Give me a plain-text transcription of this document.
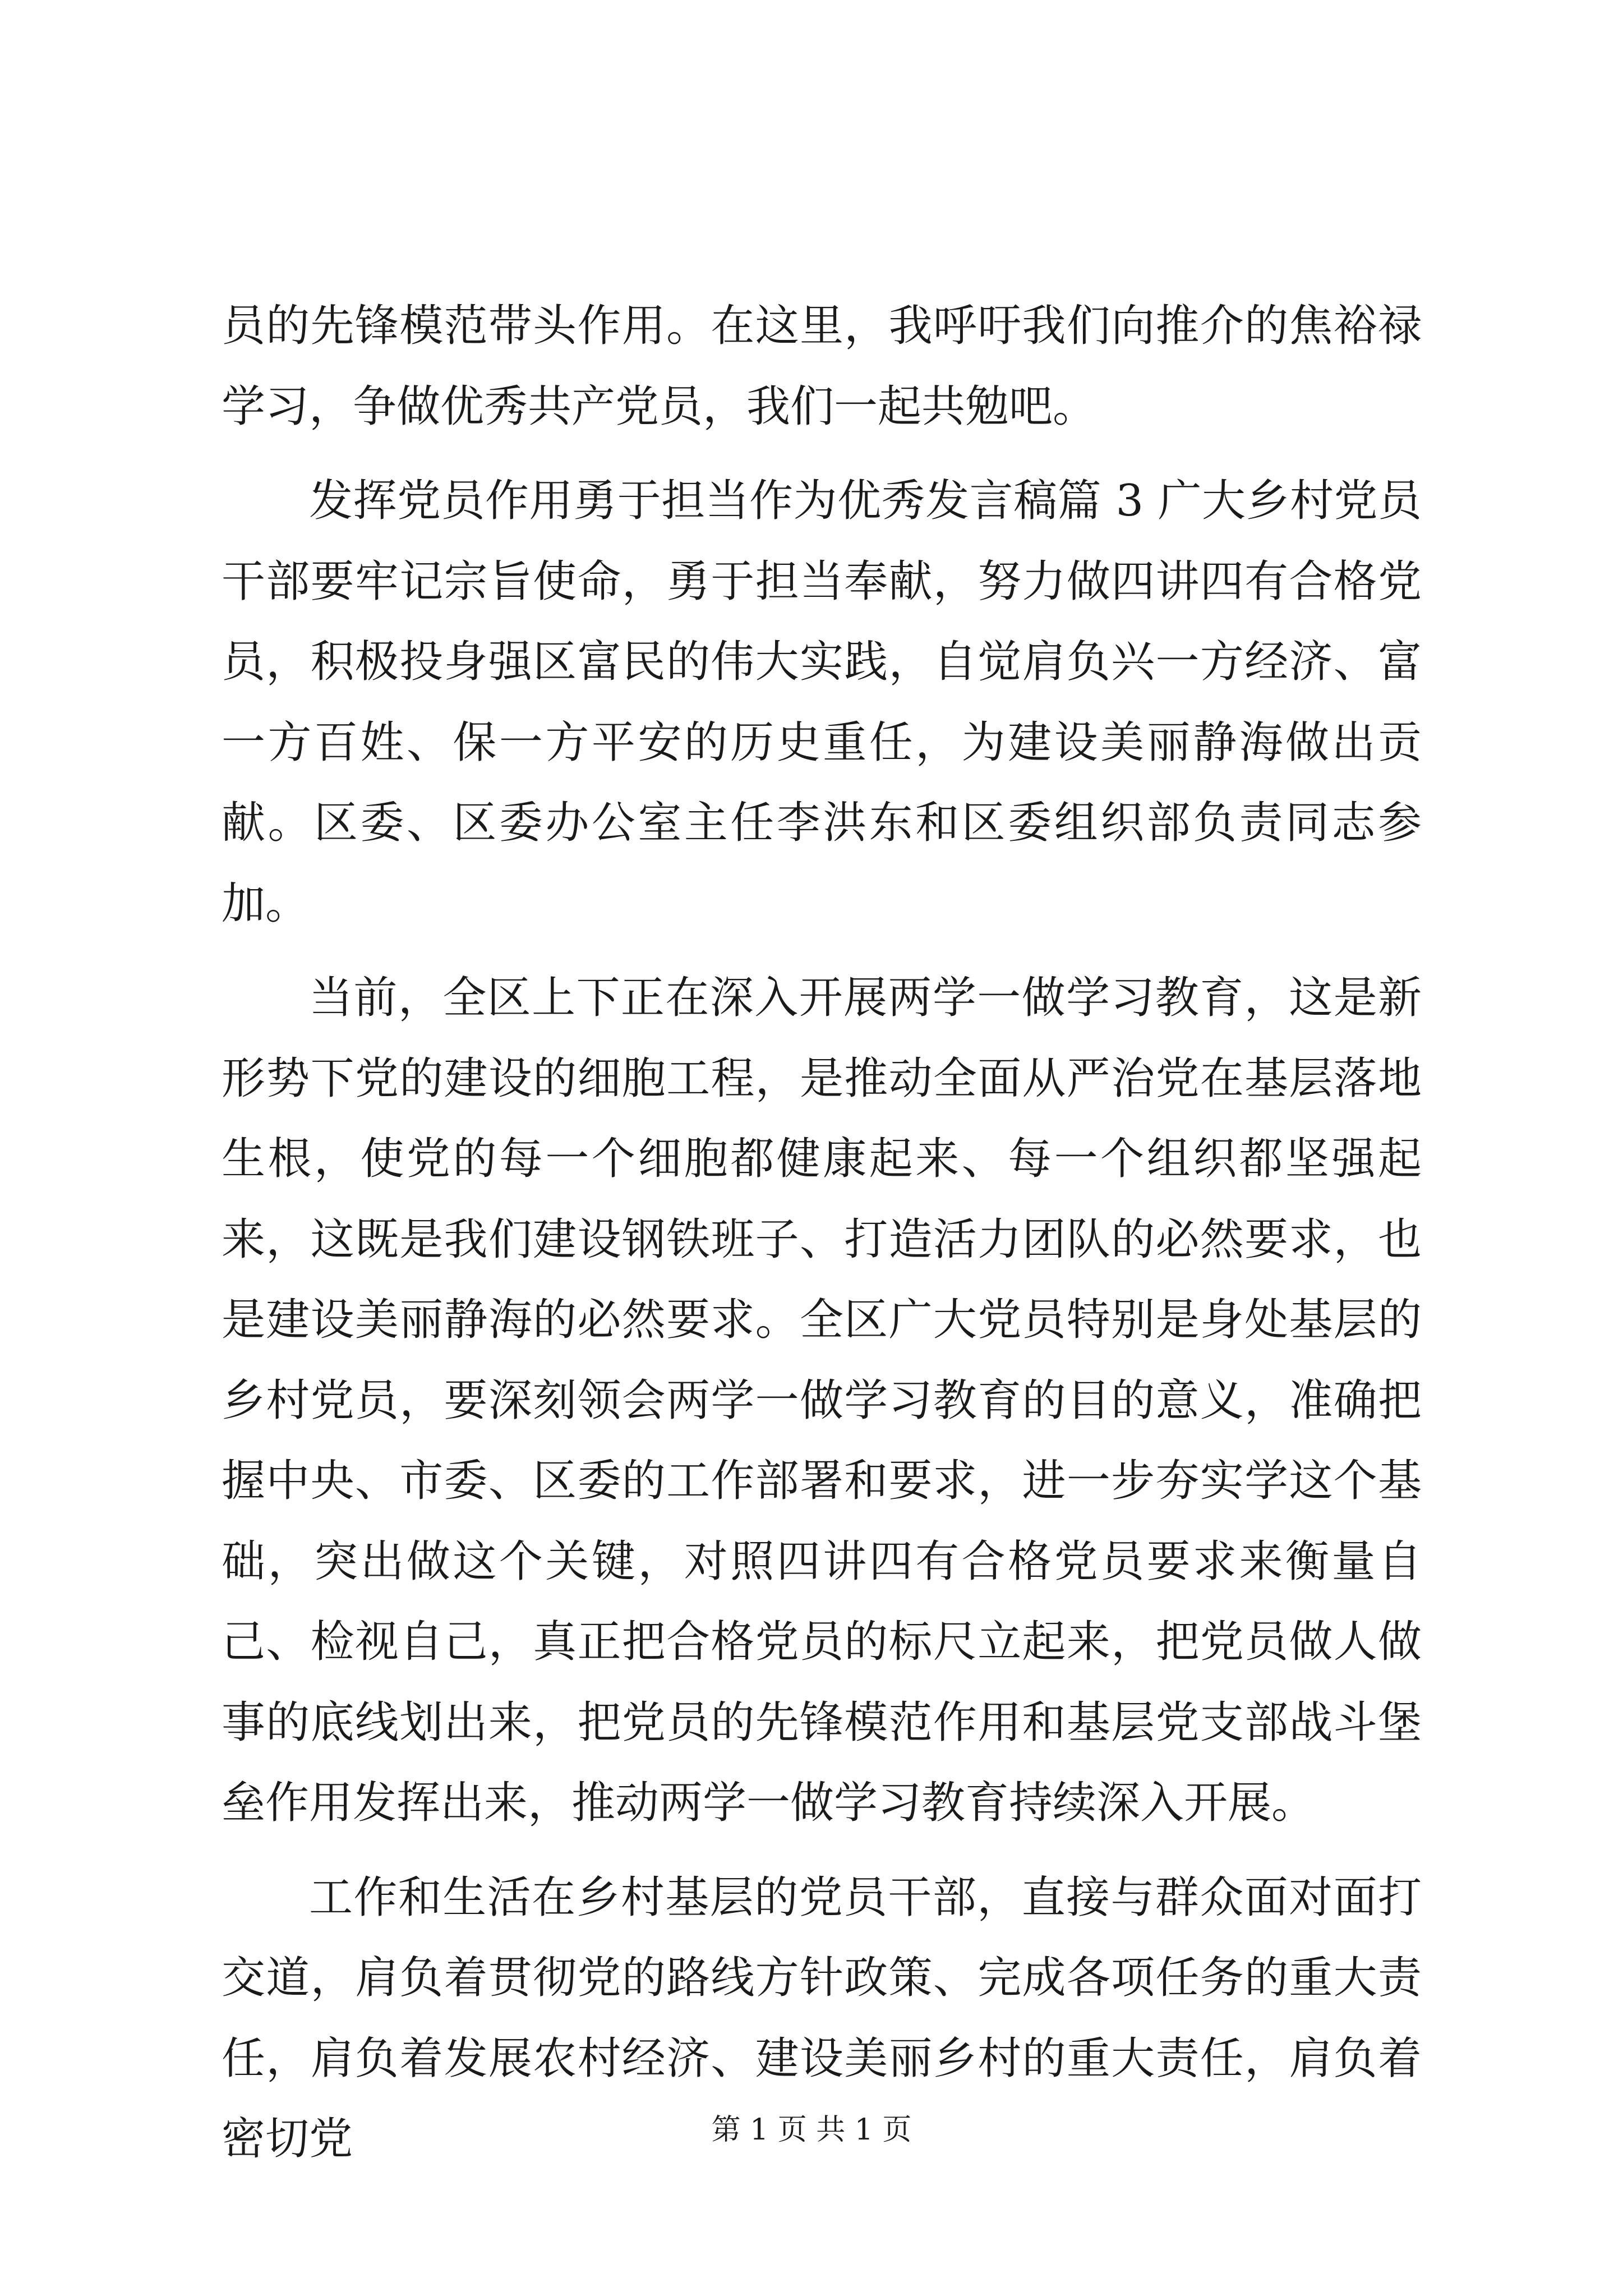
员的先锋模范带头作用。在这里，我呼吁我们向推介的焦裕禄学习，争做优秀共产党员，我们一起共勉吧。

发挥党员作用勇于担当作为优秀发言稿篇 3 广大乡村党员干部要牢记宗旨使命，勇于担当奉献，努力做四讲四有合格党员，积极投身强区富民的伟大实践，自觉肩负兴一方经济、富一方百姓、保一方平安的历史重任，为建设美丽静海做出贡献。区委、区委办公室主任李洪东和区委组织部负责同志参加。

当前，全区上下正在深入开展两学一做学习教育，这是新形势下党的建设的细胞工程，是推动全面从严治党在基层落地生根，使党的每一个细胞都健康起来、每一个组织都坚强起来，这既是我们建设钢铁班子、打造活力团队的必然要求，也是建设美丽静海的必然要求。全区广大党员特别是身处基层的乡村党员，要深刻领会两学一做学习教育的目的意义，准确把握中央、市委、区委的工作部署和要求，进一步夯实学这个基础，突出做这个关键，对照四讲四有合格党员要求来衡量自己、检视自己，真正把合格党员的标尺立起来，把党员做人做事的底线划出来，把党员的先锋模范作用和基层党支部战斗堡垒作用发挥出来，推动两学一做学习教育持续深入开展。

工作和生活在乡村基层的党员干部，直接与群众面对面打交道，肩负着贯彻党的路线方针政策、完成各项任务的重大责任，肩负着发展农村经济、建设美丽乡村的重大责任，肩负着密切党	第 1 页 共 1 页
